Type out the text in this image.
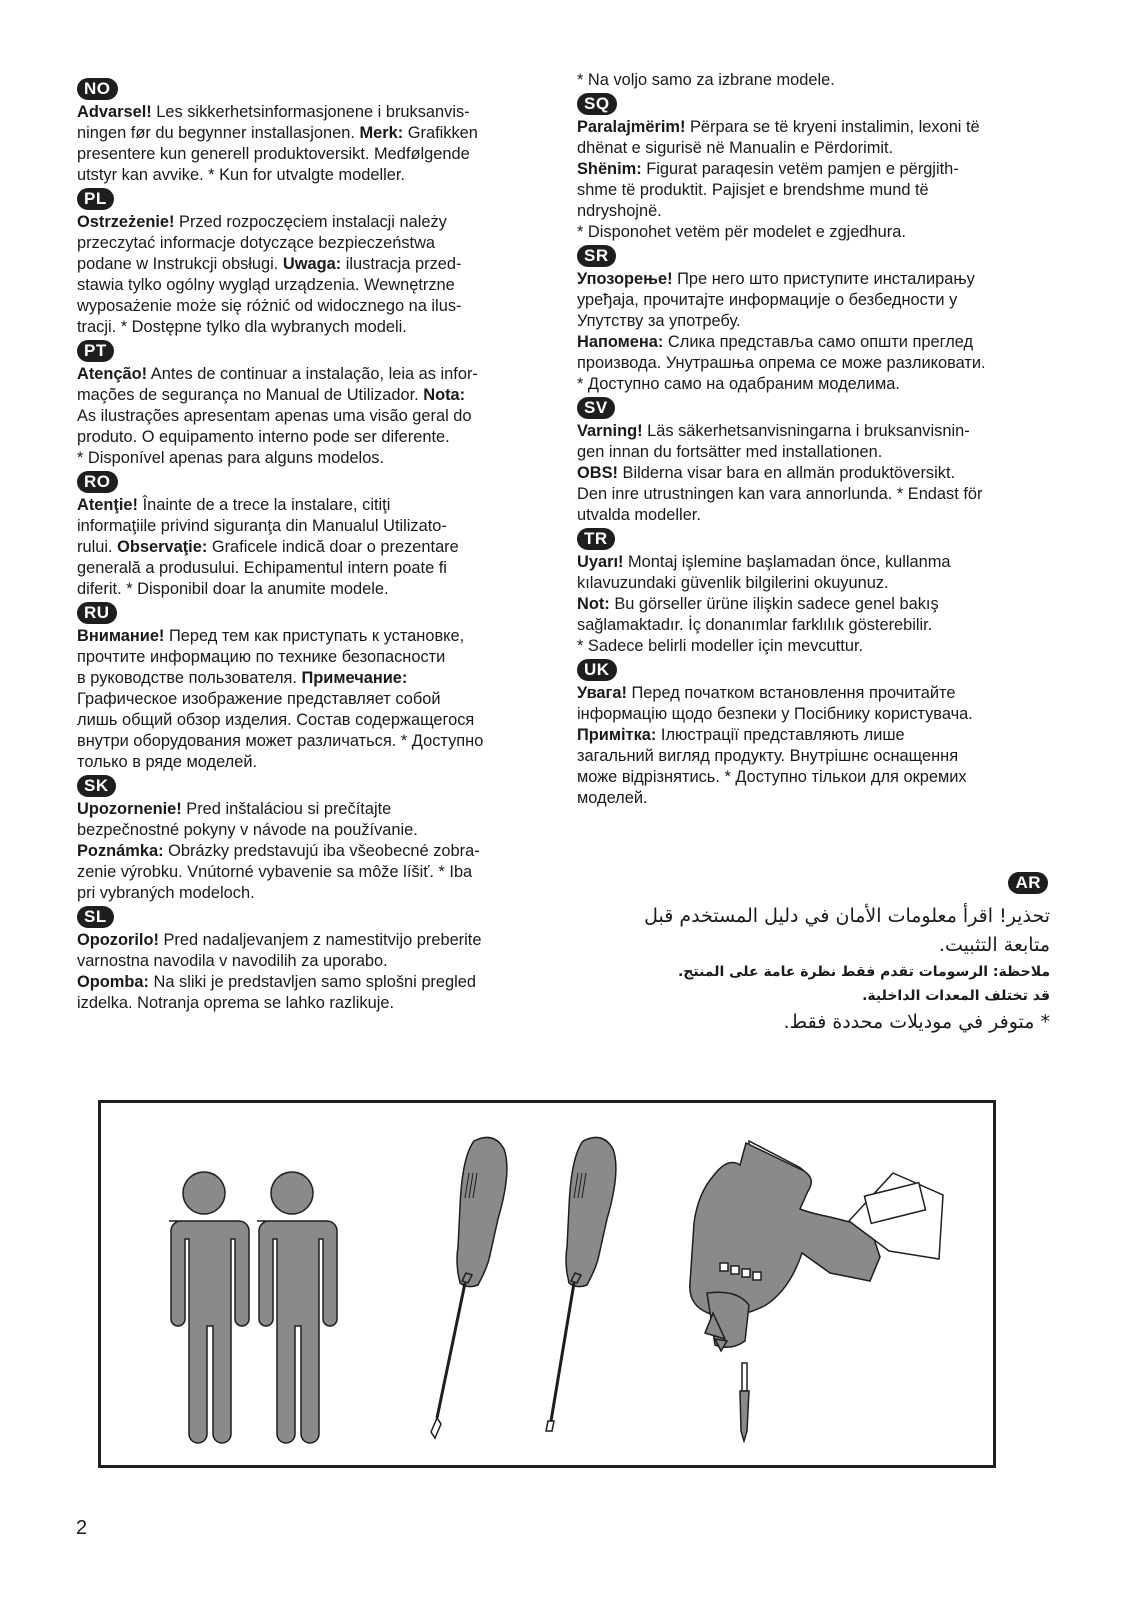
NO

Advarsel! Les sikkerhetsinformasjonene i bruksanvis-
ningen før du begynner installasjonen. Merk: Grafikken
presentere kun generell produktoversikt. Medfølgende
utstyr kan avvike. * Kun for utvalgte modeller.

PL

Ostrzeżenie! Przed rozpoczęciem instalacji należy
przeczytać informacje dotyczące bezpieczeństwa
podane w Instrukcji obsługi. Uwaga: ilustracja przed-
stawia tylko ogólny wygląd urządzenia. Wewnętrzne
wyposażenie może się różnić od widocznego na ilus-
tracji. * Dostępne tylko dla wybranych modeli.

PT

Atenção! Antes de continuar a instalação, leia as infor-
mações de segurança no Manual de Utilizador. Nota:
As ilustrações apresentam apenas uma visão geral do
produto. O equipamento interno pode ser diferente.
* Disponível apenas para alguns modelos.

RO

Atenţie! Înainte de a trece la instalare, citiţi
informaţiile privind siguranţa din Manualul Utilizato-
rului. Observaţie: Graficele indică doar o prezentare
generală a produsului. Echipamentul intern poate fi
diferit. * Disponibil doar la anumite modele.

RU

Внимание! Перед тем как приступать к установке,
прочтите информацию по технике безопасности
в руководстве пользователя. Примечание:
Графическое изображение представляет собой
лишь общий обзор изделия. Состав содержащегося
внутри оборудования может различаться. * Доступно
только в ряде моделей.

SK

Upozornenie! Pred inštaláciou si prečítajte
bezpečnostné pokyny v návode na používanie.
Poznámka: Obrázky predstavujú iba všeobecné zobra-
zenie výrobku. Vnútorné vybavenie sa môže líšiť. * Iba
pri vybraných modeloch.

SL

Opozorilo! Pred nadaljevanjem z namestitvijo preberite
varnostna navodila v navodilih za uporabo.
Opomba: Na sliki je predstavljen samo splošni pregled
izdelka. Notranja oprema se lahko razlikuje.

* Na voljo samo za izbrane modele.

SQ

Paralajmërim! Përpara se të kryeni instalimin, lexoni të
dhënat e sigurisë në Manualin e Përdorimit.

Shënim: Figurat paraqesin vetëm pamjen e përgjith-
shme të produktit. Pajisjet e brendshme mund të
ndryshojnë.

* Disponohet vetëm për modelet e zgjedhura.

SR

Упозорење! Пре него што приступите инсталирању
уређаја, прочитајте информације о безбедности у
Упутству за употребу.

Напомена: Слика представља само општи преглед
производа. Унутрашња опрема се може разликовати.
* Доступно само на одабраним моделима.

SV

Varning! Läs säkerhetsanvisningarna i bruksanvisnin-
gen innan du fortsätter med installationen.

OBS! Bilderna visar bara en allmän produktöversikt.
Den inre utrustningen kan vara annorlunda. * Endast för
utvalda modeller.

TR

Uyarı! Montaj işlemine başlamadan önce, kullanma
kılavuzundaki güvenlik bilgilerini okuyunuz.

Not: Bu görseller ürüne ilişkin sadece genel bakış
sağlamaktadır. İç donanımlar farklılık gösterebilir.
* Sadece belirli modeller için mevcuttur.

UK

Увага! Перед початком встановлення прочитайте
інформацію щодо безпеки у Посібнику користувача.
Примітка: Ілюстрації представляють лише
загальний вигляд продукту. Внутрішнє оснащення
може відрізнятись. * Доступно тількои для окремих
моделей.

AR

تحذير! اقرأ معلومات الأمان في دليل المستخدم قبل

متابعة التثبيت.

ملاحظة: الرسومات تقدم فقط نظرة عامة على المنتج.

قد تختلف المعدات الداخلية.

* متوفر في موديلات محددة فقط.

2
